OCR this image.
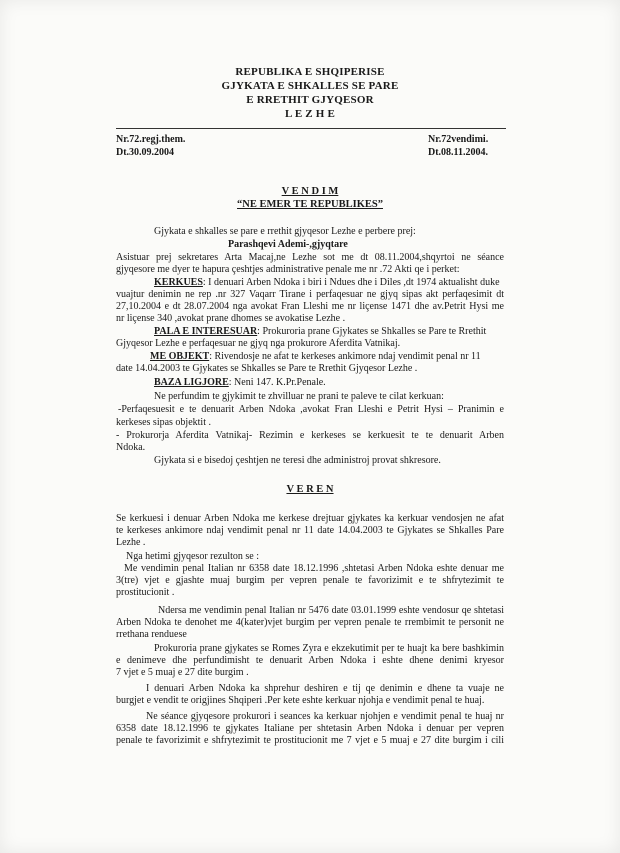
REPUBLIKA E SHQIPERISE
GJYKATA E SHKALLES SE PARE
E RRETHIT GJYQESOR
L E Z H E
Nr.72.regj.them.
Dt.30.09.2004
Nr.72vendimi.
Dt.08.11.2004.
V E N D I M
“NE EMER TE REPUBLIKES”
Gjykata e shkalles se pare e rrethit gjyqesor Lezhe e perbere prej:
Parashqevi Ademi-,gjyqtare
Asistuar prej sekretares Arta Macaj,ne Lezhe sot me dt 08.11.2004,shqyrtoi ne séance
gjyqesore me dyer te hapura çeshtjes administrative penale me nr .72 Akti qe i perket:
KERKUES: I denuari Arben Ndoka i biri i Ndues dhe i Diles ,dt 1974 aktualisht duke
vuajtur denimin ne rep .nr 327 Vaqarr Tirane i perfaqesuar ne gjyq sipas akt perfaqesimit dt
27,10.2004 e dt 28.07.2004 nga avokat Fran Lleshi me nr liçense 1471 dhe av.Petrit Hysi me
nr liçense 340 ,avokat prane dhomes se avokatise Lezhe .
PALA E INTERESUAR: Prokuroria prane Gjykates se Shkalles se Pare te Rrethit
Gjyqesor Lezhe e perfaqesuar ne gjyq nga prokurore Aferdita Vatnikaj.
ME OBJEKT: Rivendosje ne afat te kerkeses ankimore ndaj vendimit penal nr 11
date 14.04.2003 te Gjykates se Shkalles se Pare te Rrethit Gjyqesor Lezhe .
BAZA LIGJORE: Neni 147. K.Pr.Penale.
Ne perfundim te gjykimit te zhvilluar ne prani te paleve te cilat kerkuan:
-Perfaqesuesit e te denuarit Arben Ndoka ,avokat Fran Lleshi e Petrit Hysi – Pranimin e
kerkeses sipas objektit .
- Prokurorja Aferdita Vatnikaj- Rezimin e kerkeses se kerkuesit te te denuarit Arben
Ndoka.
Gjykata si e bisedoj çeshtjen ne teresi dhe administroj provat shkresore.
V E R E N
Se kerkuesi i denuar Arben Ndoka me kerkese drejtuar gjykates ka kerkuar vendosjen ne afat
te kerkeses ankimore ndaj vendimit penal nr 11 date 14.04.2003 te Gjykates se Shkalles Pare
Lezhe .
Nga hetimi gjyqesor rezulton se :
Me vendimin penal Italian nr 6358 date 18.12.1996 ,shtetasi Arben Ndoka eshte denuar me
3(tre) vjet e gjashte muaj burgim per vepren penale te favorizimit e te shfrytezimit te
prostitucionit .
Ndersa me vendimin penal Italian nr 5476 date 03.01.1999 eshte vendosur qe shtetasi
Arben Ndoka te denohet me 4(kater)vjet burgim per vepren penale te rrembimit te personit ne
rrethana renduese
Prokuroria prane gjykates se Romes Zyra e ekzekutimit per te huajt ka bere bashkimin
e denimeve dhe perfundimisht te denuarit Arben Ndoka i eshte dhene denimi kryesor
7 vjet e 5 muaj e 27 dite burgim .
I denuari Arben Ndoka ka shprehur deshiren e tij qe denimin e dhene ta vuaje ne
burgjet e vendit te origjines Shqiperi .Per kete eshte kerkuar njohja e vendimit penal te huaj.
Ne séance gjyqesore prokurori i seances ka kerkuar njohjen e vendimit penal te huaj nr
6358 date 18.12.1996 te gjykates Italiane per shtetasin Arben Ndoka i denuar per vepren
penale te favorizimit e shfrytezimit te prostitucionit me 7 vjet e 5 muaj e 27 dite burgim i cili
